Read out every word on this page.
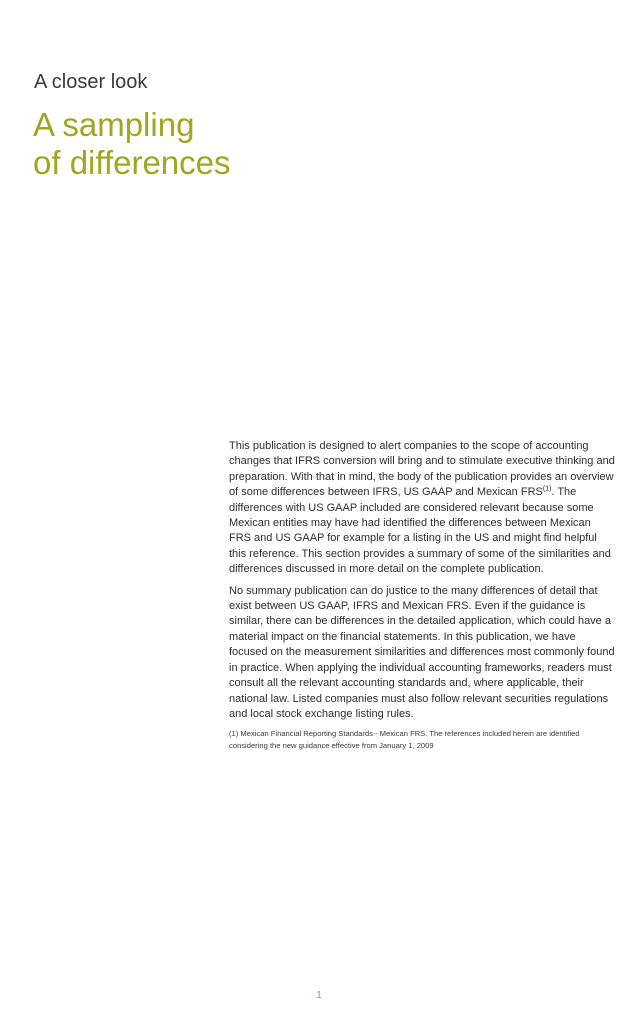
A closer look
A sampling
of differences

This publication is designed to alert companies to the scope of accounting changes that IFRS conversion will bring and to stimulate executive thinking and preparation. With that in mind, the body of the publication provides an overview of some differences between IFRS, US GAAP and Mexican FRS$^{(1)}$. The differences with US GAAP included are considered relevant because some Mexican entities may have had identified the differences between Mexican FRS and US GAAP for example for a listing in the US and might find helpful this reference. This section provides a summary of some of the similarities and differences discussed in more detail on the complete publication.

No summary publication can do justice to the many differences of detail that exist between US GAAP, IFRS and Mexican FRS. Even if the guidance is similar, there can be differences in the detailed application, which could have a material impact on the financial statements. In this publication, we have focused on the measurement similarities and differences most commonly found in practice. When applying the individual accounting frameworks, readers must consult all the relevant accounting standards and, where applicable, their national law. Listed companies must also follow relevant securities regulations and local stock exchange listing rules.

(1) Mexican Financial Reporting Standards - Mexican FRS. The references included herein are identified considering the new guidance effective from January 1, 2009
1
